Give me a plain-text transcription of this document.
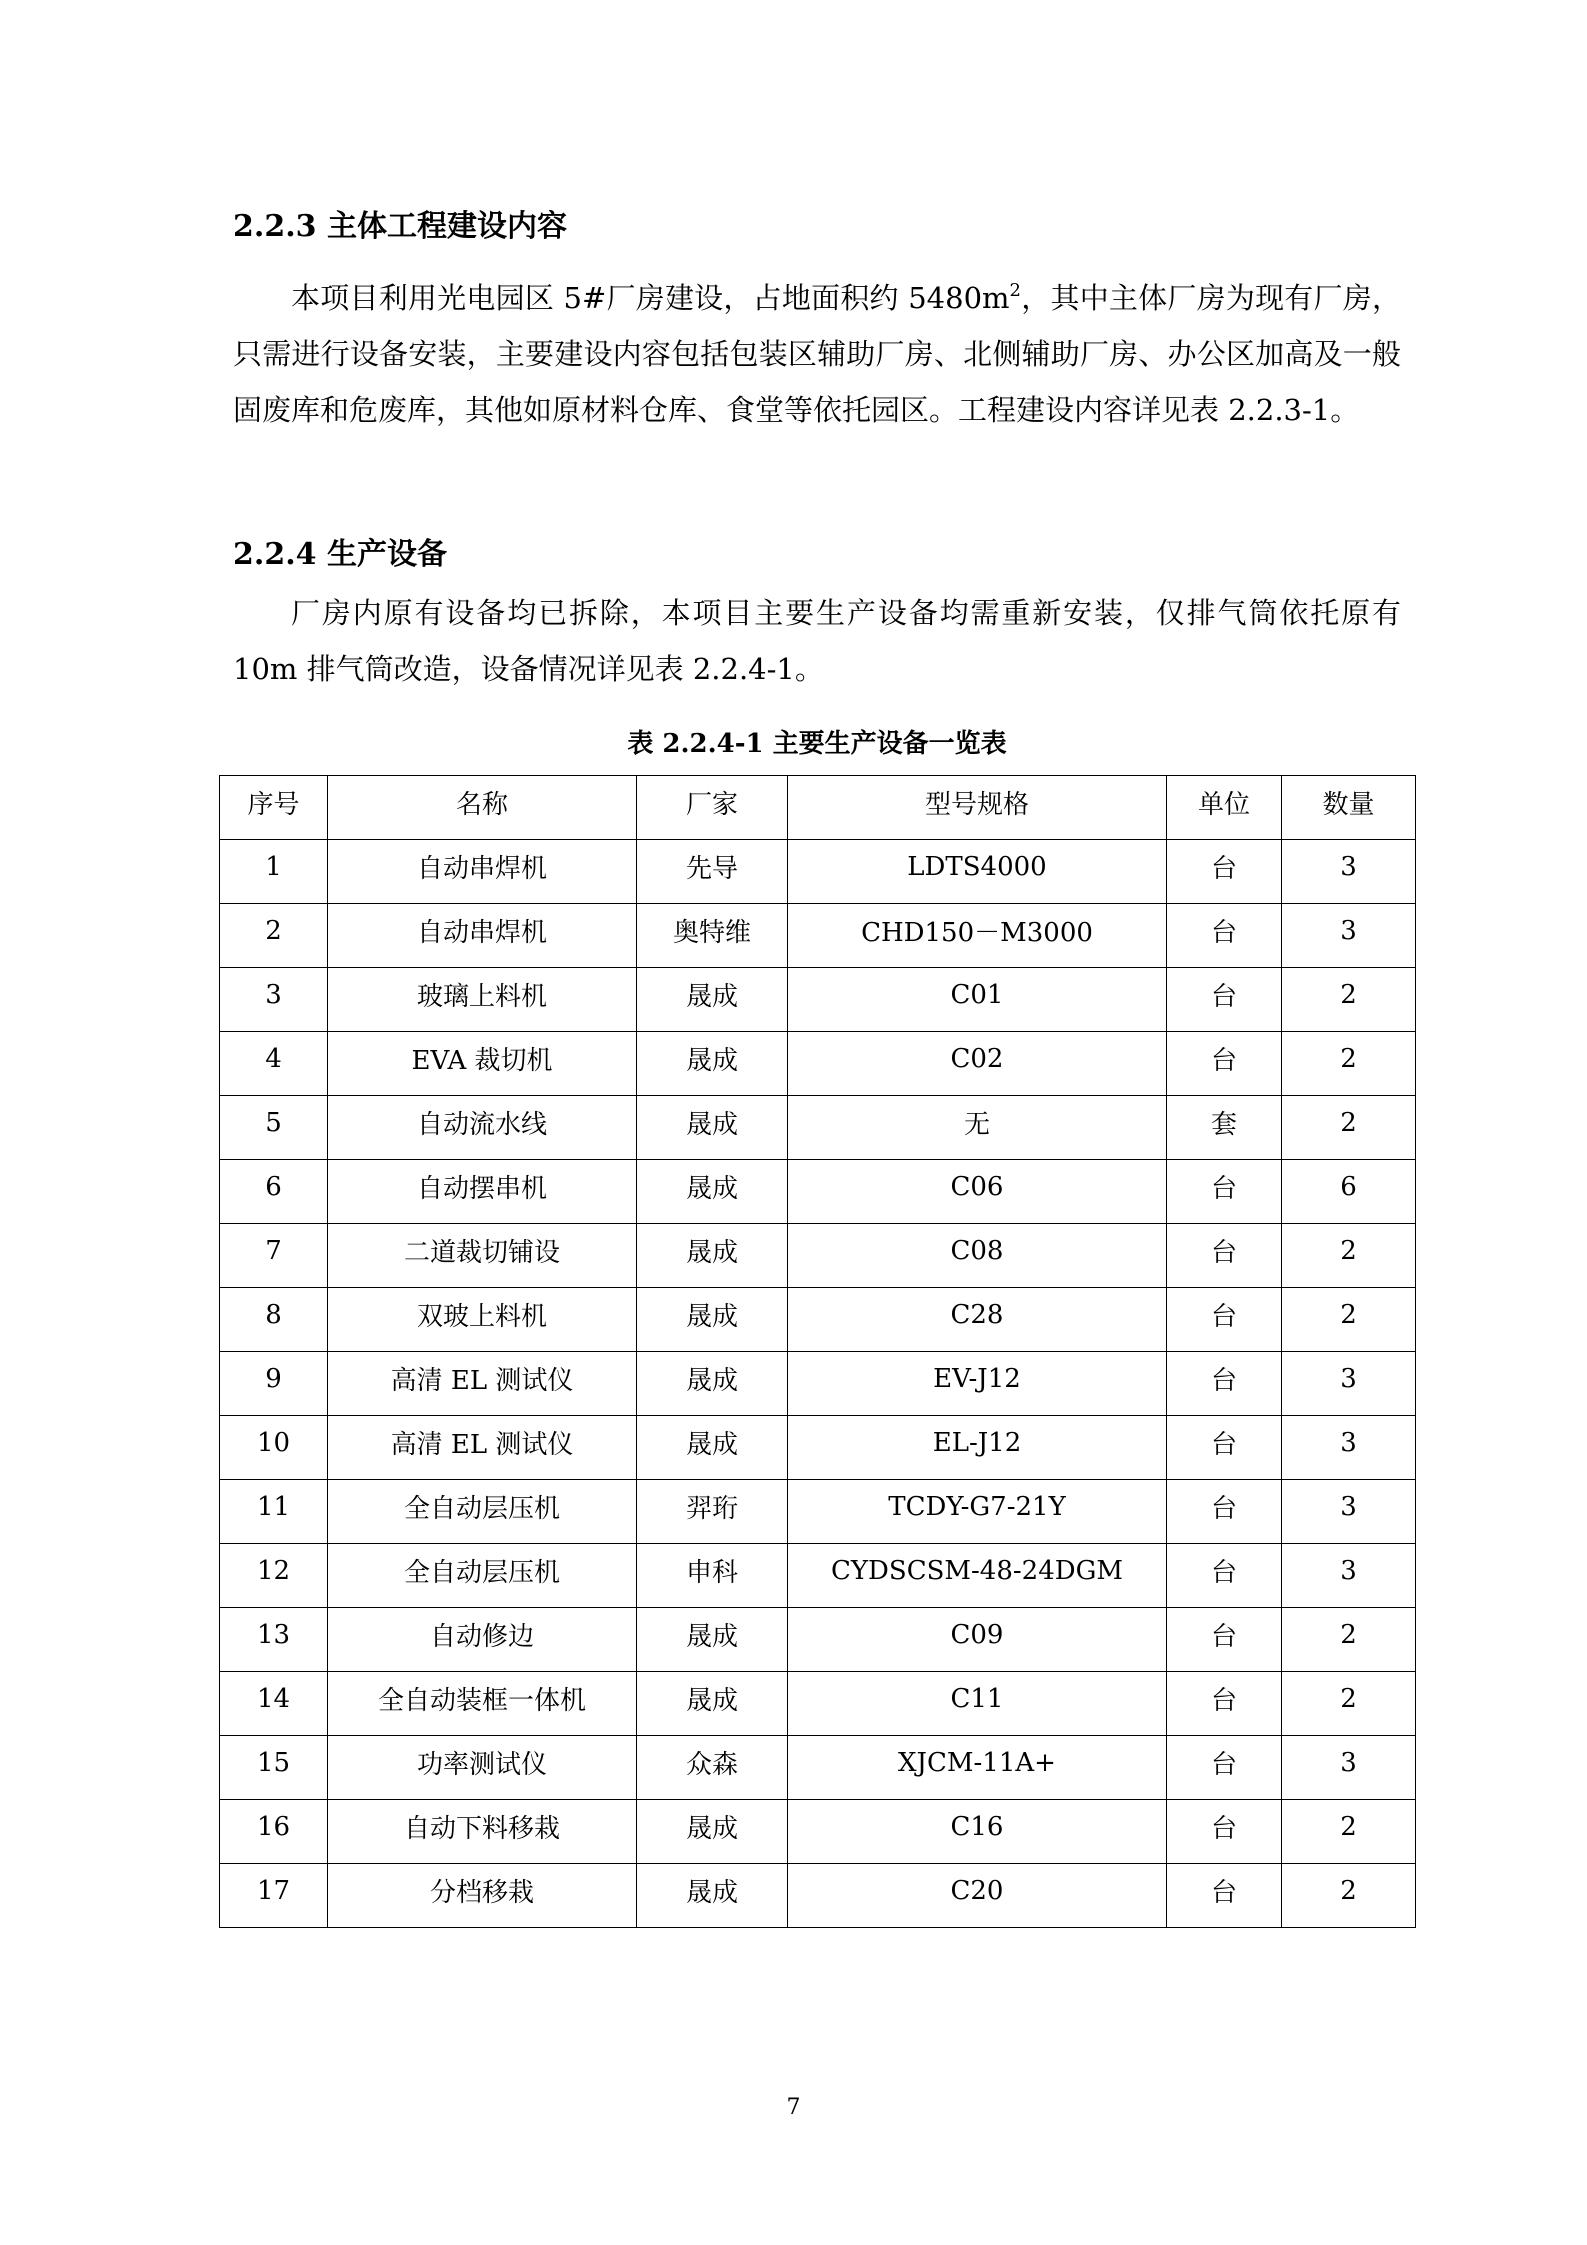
2.2.3 主体工程建设内容
本项目利用光电园区 5#厂房建设，占地面积约 $5480m^2$，其中主体厂房为现有厂房，只需进行设备安装，主要建设内容包括包装区辅助厂房、北侧辅助厂房、办公区加高及一般固废库和危废库，其他如原材料仓库、食堂等依托园区。工程建设内容详见表 2.2.3-1。
2.2.4 生产设备
厂房内原有设备均已拆除，本项目主要生产设备均需重新安装，仅排气筒依托原有 10m 排气筒改造，设备情况详见表 2.2.4-1。
表 2.2.4-1 主要生产设备一览表
序号	名称	厂家	型号规格	单位	数量
1	自动串焊机	先导	LDTS4000	台	3
2	自动串焊机	奥特维	CHD150－M3000	台	3
3	玻璃上料机	晟成	C01	台	2
4	EVA 裁切机	晟成	C02	台	2
5	自动流水线	晟成	无	套	2
6	自动摆串机	晟成	C06	台	6
7	二道裁切铺设	晟成	C08	台	2
8	双玻上料机	晟成	C28	台	2
9	高清 EL 测试仪	晟成	EV-J12	台	3
10	高清 EL 测试仪	晟成	EL-J12	台	3
11	全自动层压机	羿珩	TCDY-G7-21Y	台	3
12	全自动层压机	申科	CYDSCSM-48-24DGM	台	3
13	自动修边	晟成	C09	台	2
14	全自动装框一体机	晟成	C11	台	2
15	功率测试仪	众森	XJCM-11A+	台	3
16	自动下料移栽	晟成	C16	台	2
17	分档移栽	晟成	C20	台	2
7
